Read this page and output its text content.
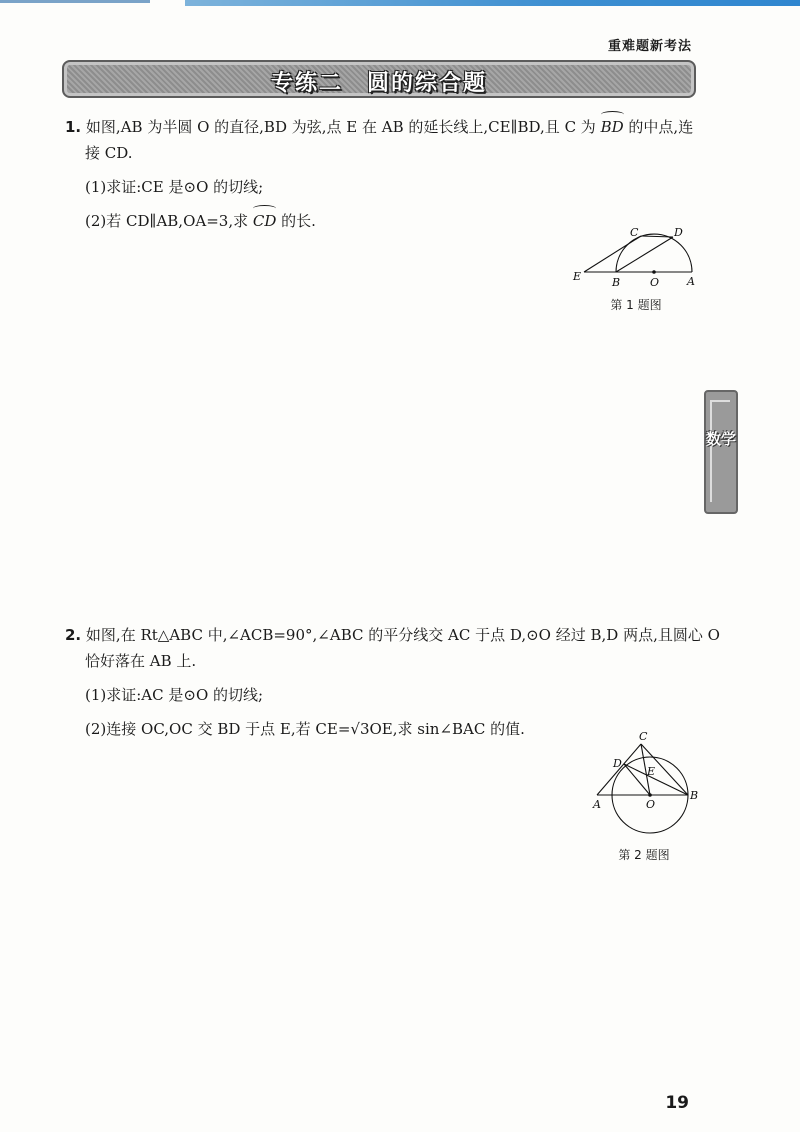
重难题新考法
专练二　圆的综合题
1. 如图,AB 为半圆 O 的直径,BD 为弦,点 E 在 AB 的延长线上,CE∥BD,且 C 为 BD 的中点,连
接 CD.
(1)求证:CE 是⊙O 的切线;
(2)若 CD∥AB,OA=3,求 CD 的长.
C	D
E	B	O	A
第 1 题图
数学
2. 如图,在 Rt△ABC 中,∠ACB=90°,∠ABC 的平分线交 AC 于点 D,⊙O 经过 B,D 两点,且圆心 O
恰好落在 AB 上.
(1)求证:AC 是⊙O 的切线;
(2)连接 OC,OC 交 BD 于点 E,若 CE=√3OE,求 sin∠BAC 的值.	C
D
E
A	O
B
第 2 题图
19
